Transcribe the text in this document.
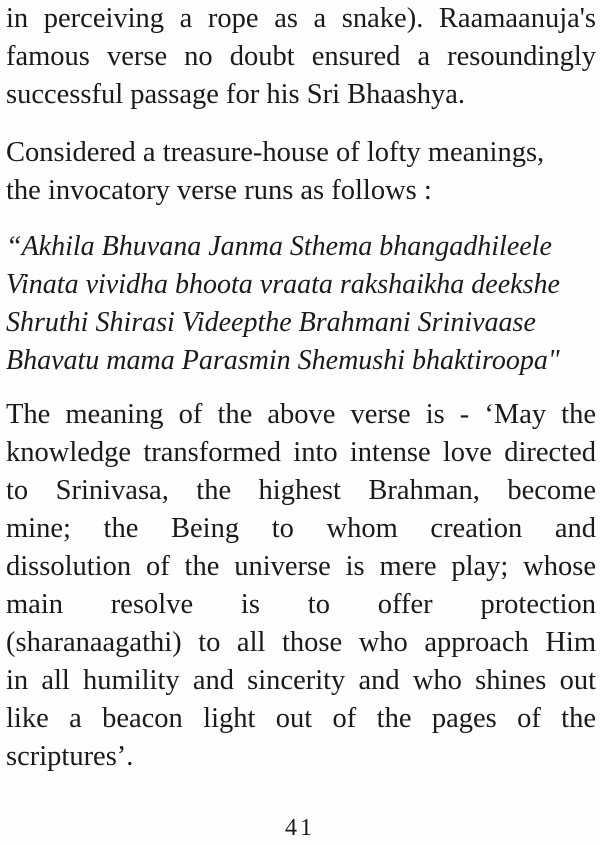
in perceiving a rope as a snake). Raamaanuja's
famous verse no doubt ensured a resoundingly
successful passage for his Sri Bhaashya.

Considered a treasure-house of lofty meanings,
the invocatory verse runs as follows :

“Akhila Bhuvana Janma Sthema bhangadhileele
Vinata vividha bhoota vraata rakshaikha deekshe
Shruthi Shirasi Videepthe Brahmani Srinivaase
Bhavatu mama Parasmin Shemushi bhaktiroopa"

The meaning of the above verse is - ‘May the
knowledge transformed into intense love directed
to Srinivasa, the highest Brahman, become
mine; the Being to whom creation and
dissolution of the universe is mere play; whose
main resolve is to offer protection
(sharanaagathi) to all those who approach Him
in all humility and sincerity and who shines out
like a beacon light out of the pages of the
scriptures’.

41
